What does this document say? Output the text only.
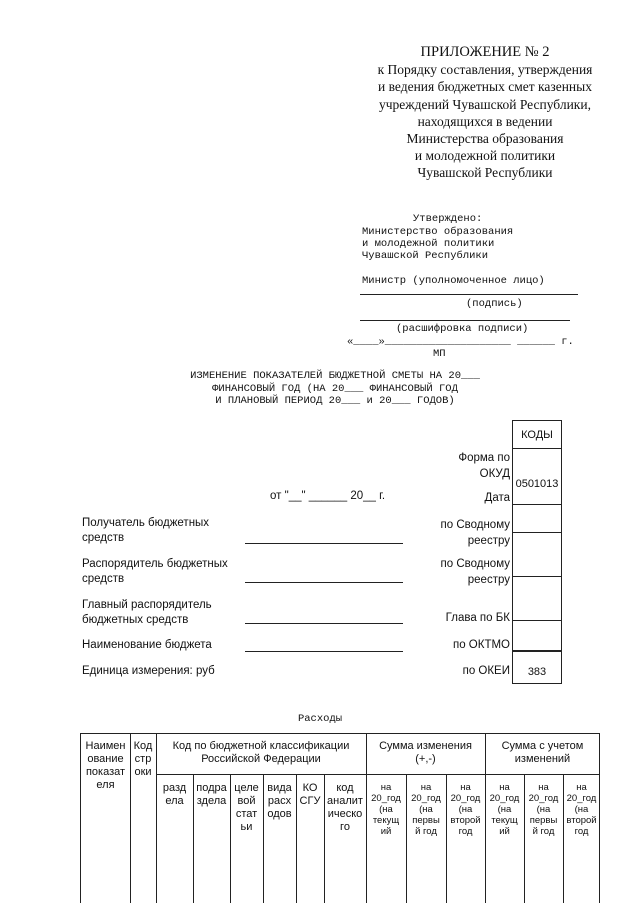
ПРИЛОЖЕНИЕ № 2
к Порядку составления, утверждения
и ведения бюджетных смет казенных
учреждений Чувашской Республики,
находящихся в ведении
Министерства образования
и молодежной политики
Чувашской Республики
Утверждено:
Министерство образования
и молодежной политики
Чувашской Республики
Министр (уполномоченное лицо)
(подпись)
(расшифровка подписи)
«____»____________________ ______ г.
МП
ИЗМЕНЕНИЕ ПОКАЗАТЕЛЕЙ БЮДЖЕТНОЙ СМЕТЫ НА 20___
ФИНАНСОВЫЙ ГОД (НА 20___ ФИНАНСОВЫЙ ГОД
И ПЛАНОВЫЙ ПЕРИОД 20___ и 20___ ГОДОВ)
КОДЫ
0501013
383
Форма по
ОКУД
Дата
по Сводному
реестру
по Сводному
реестру
Глава по БК
по ОКТМО
по ОКЕИ
от "__" ______ 20__ г.
Получатель бюджетных
средств
Распорядитель бюджетных
средств
Главный распорядитель
бюджетных средств
Наименование бюджета
Единица измерения: руб
Расходы
Наимен
ование
показат
еля
Код
стр
оки
Код по бюджетной классификации
Российской Федерации
Сумма изменения
(+,-)
Сумма с учетом
изменений
разд
ела
подра
здела
целе
вой
стат
ьи
вида
расх
одов
КО
СГУ
код
аналит
ическо
го
на
20_год
(на
текущ
ий
на
20_год
(на
первы
й год
на
20_год
(на
второй
год
на
20_год
(на
текущ
ий
на
20_год
(на
первы
й год
на
20_год
(на
второй
год
